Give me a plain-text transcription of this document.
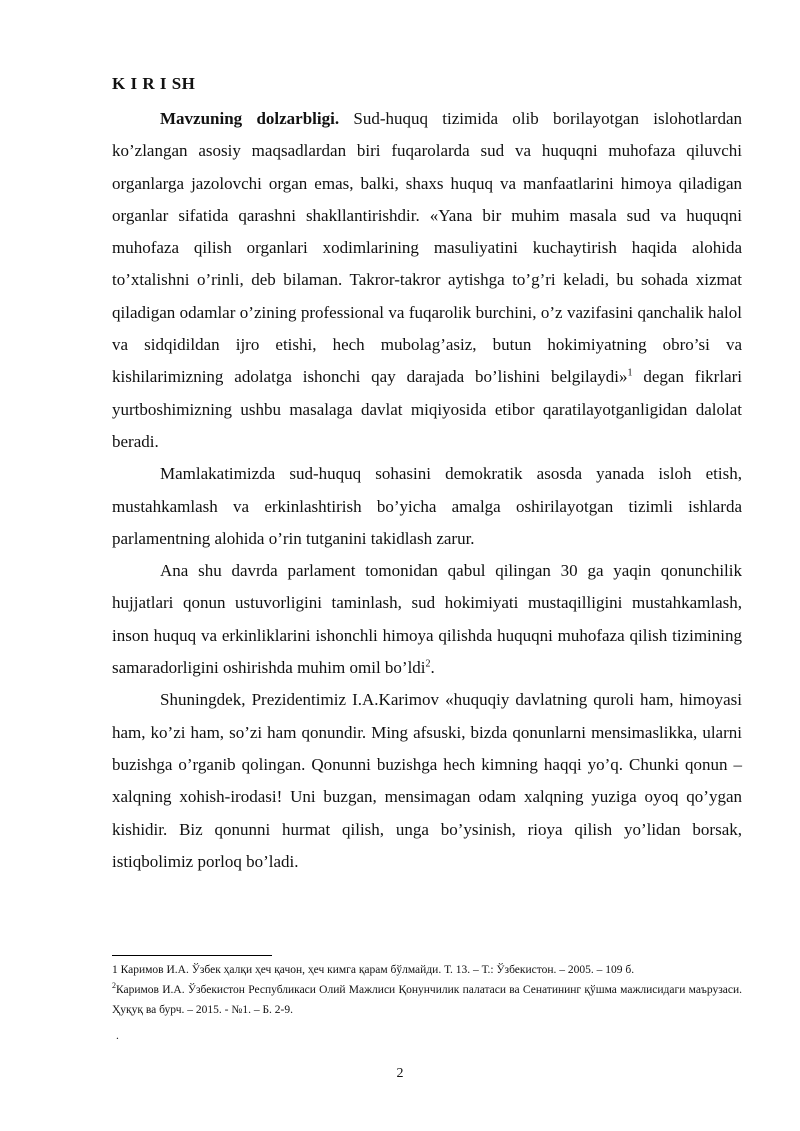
K I R I SH

Mavzuning dolzarbligi. Sud-huquq tizimida olib borilayotgan islohotlardan ko’zlangan asosiy maqsadlardan biri fuqarolarda sud va huquqni muhofaza qiluvchi organlarga jazolovchi organ emas, balki, shaxs huquq va manfaatlarini himoya qiladigan organlar sifatida qarashni shakllantirishdir. «Yana bir muhim masala sud va huquqni muhofaza qilish organlari xodimlarining masuliyatini kuchaytirish haqida alohida to’xtalishni o’rinli, deb bilaman. Takror-takror aytishga to’g’ri keladi, bu sohada xizmat qiladigan odamlar o’zining professional va fuqarolik burchini, o’z vazifasini qanchalik halol va sidqidildan ijro etishi, hech mubolag’asiz, butun hokimiyatning obro’si va kishilarimizning adolatga ishonchi qay darajada bo’lishini belgilaydi»$^1$ degan fikrlari yurtboshimizning ushbu masalaga davlat miqiyosida etibor qaratilayotganligidan dalolat beradi.

Mamlakatimizda sud-huquq sohasini demokratik asosda yanada isloh etish, mustahkamlash va erkinlashtirish bo’yicha amalga oshirilayotgan tizimli ishlarda parlamentning alohida o’rin tutganini takidlash zarur.

Ana shu davrda parlament tomonidan qabul qilingan 30 ga yaqin qonunchilik hujjatlari qonun ustuvorligini taminlash, sud hokimiyati mustaqilligini mustahkamlash, inson huquq va erkinliklarini ishonchli himoya qilishda huquqni muhofaza qilish tizimining samaradorligini oshirishda muhim omil bo’ldi$^2$.

Shuningdek, Prezidentimiz I.A.Karimov «huquqiy davlatning quroli ham, himoyasi ham, ko’zi ham, so’zi ham qonundir. Ming afsuski, bizda qonunlarni mensimaslikka, ularni buzishga o’rganib qolingan. Qonunni buzishga hech kimning haqqi yo’q. Chunki qonun – xalqning xohish-irodasi! Uni buzgan, mensimagan odam xalqning yuziga oyoq qo’ygan kishidir. Biz qonunni hurmat qilish, unga bo’ysinish, rioya qilish yo’lidan borsak, istiqbolimiz porloq bo’ladi.

1 Каримов И.А. Ўзбек ҳалқи ҳеч қачон, ҳеч кимга қарам бўлмайди. Т. 13. – Т.: Ўзбекистон. – 2005. – 109 б.

$^2$Каримов И.А. Ўзбекистон Республикаси Олий Мажлиси Қонунчилик палатаси ва Сенатининг қўшма мажлисидаги маърузаси. Ҳуқуқ ва бурч. – 2015. - №1. – Б. 2-9.

.
2
